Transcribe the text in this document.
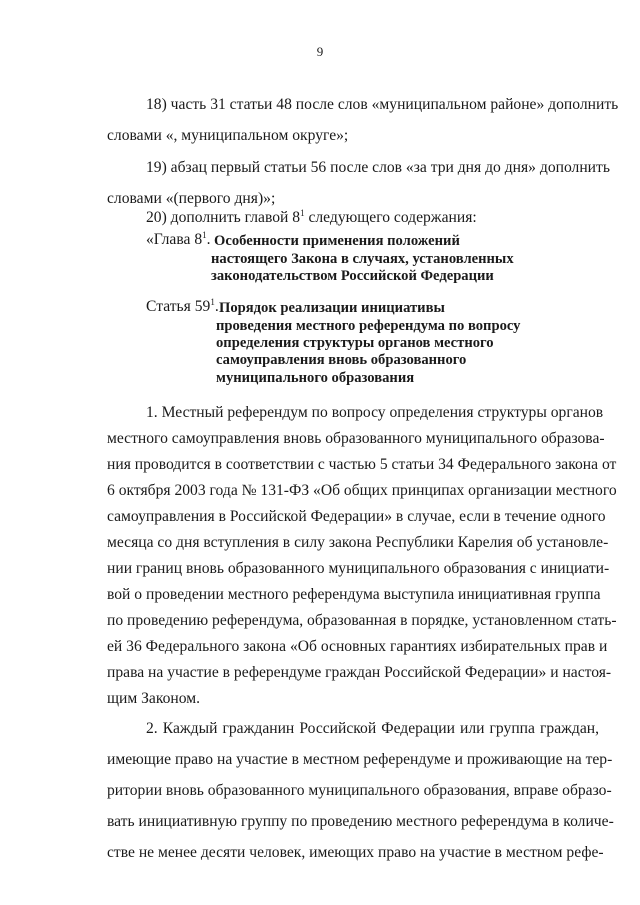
9
18) часть 31 статьи 48 после слов «муниципальном районе» дополнить
словами «, муниципальном округе»;
19) абзац первый статьи 56 после слов «за три дня до дня» дополнить
словами «(первого дня)»;
20) дополнить главой $8^1$ следующего содержания:
«Глава $8^1$. Особенности применения положений
настоящего Закона в случаях, установленных
законодательством Российской Федерации
Статья $59^1$. Порядок реализации инициативы
проведения местного референдума по вопросу
определения структуры органов местного
самоуправления вновь образованного
муниципального образования
1. Местный референдум по вопросу определения структуры органов
местного самоуправления вновь образованного муниципального образова-
ния проводится в соответствии с частью 5 статьи 34 Федерального закона от
6 октября 2003 года № 131-ФЗ «Об общих принципах организации местного
самоуправления в Российской Федерации» в случае, если в течение одного
месяца со дня вступления в силу закона Республики Карелия об установле-
нии границ вновь образованного муниципального образования с инициати-
вой о проведении местного референдума выступила инициативная группа
по проведению референдума, образованная в порядке, установленном стать-
ей 36 Федерального закона «Об основных гарантиях избирательных прав и
права на участие в референдуме граждан Российской Федерации» и настоя-
щим Законом.
2. Каждый гражданин Российской Федерации или группа граждан,
имеющие право на участие в местном референдуме и проживающие на тер-
ритории вновь образованного муниципального образования, вправе образо-
вать инициативную группу по проведению местного референдума в количе-
стве не менее десяти человек, имеющих право на участие в местном рефе-
